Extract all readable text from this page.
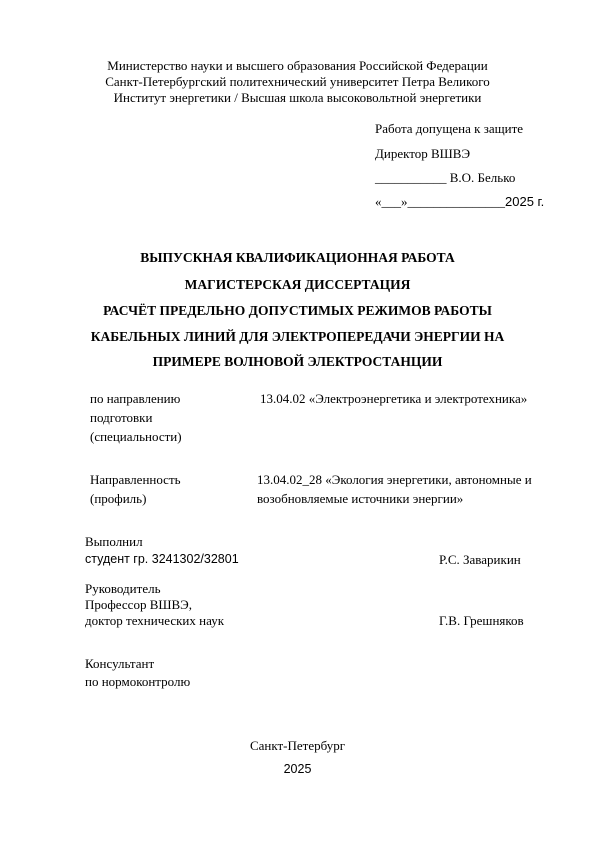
Министерство науки и высшего образования Российской Федерации
Санкт-Петербургский политехнический университет Петра Великого
Институт энергетики / Высшая школа высоковольтной энергетики
Работа допущена к защите
Директор ВШВЭ
___________ В.О. Белько
«___»_______________2025 г.
ВЫПУСКНАЯ КВАЛИФИКАЦИОННАЯ РАБОТА
МАГИСТЕРСКАЯ ДИССЕРТАЦИЯ
РАСЧЁТ ПРЕДЕЛЬНО ДОПУСТИМЫХ РЕЖИМОВ РАБОТЫ
КАБЕЛЬНЫХ ЛИНИЙ ДЛЯ ЭЛЕКТРОПЕРЕДАЧИ ЭНЕРГИИ НА
ПРИМЕРЕ ВОЛНОВОЙ ЭЛЕКТРОСТАНЦИИ
по направлению
подготовки
(специальности)
13.04.02 «Электроэнергетика и электротехника»
Направленность
(профиль)
13.04.02_28 «Экология энергетики, автономные и
возобновляемые источники энергии»
Выполнил
студент гр. 3241302/32801	Р.С. Заварикин
Руководитель
Профессор ВШВЭ,
доктор технических наук	Г.В. Грешняков
Консультант
по нормоконтролю
Санкт-Петербург
2025
